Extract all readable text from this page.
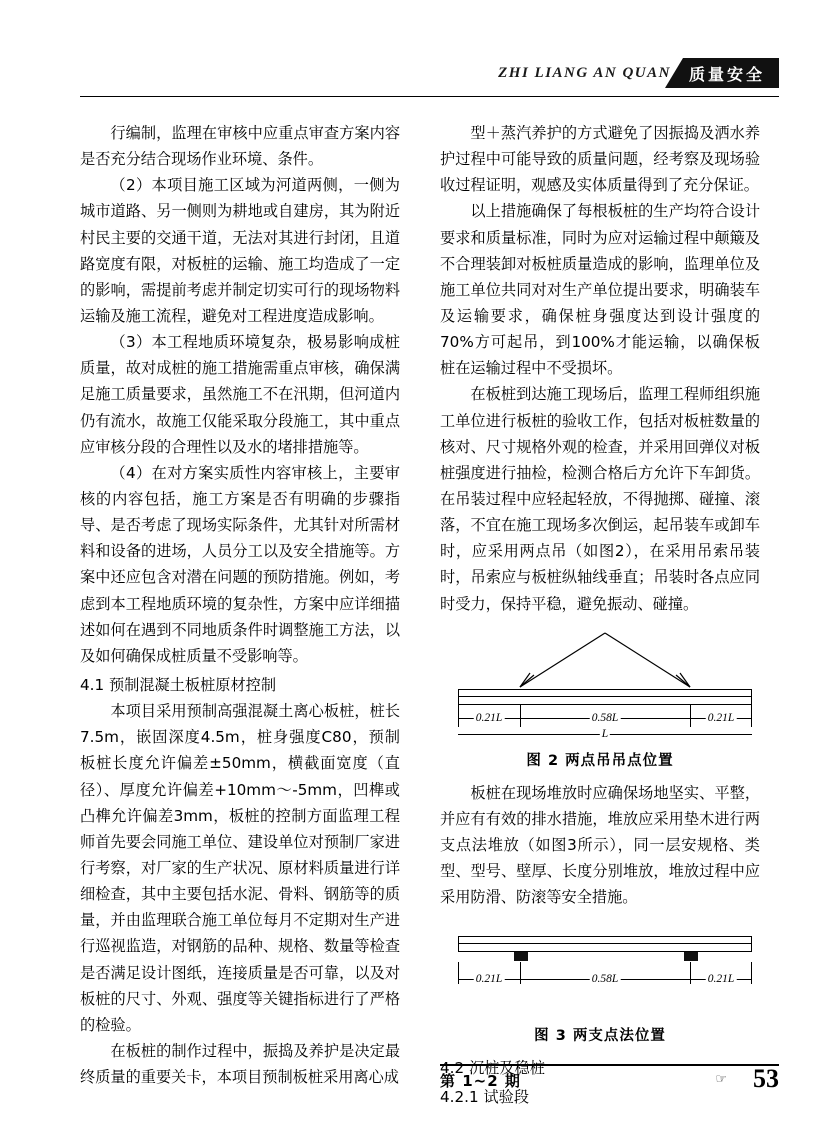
ZHI LIANG AN QUAN	质量安全

行编制，监理在审核中应重点审查方案内容是否充分结合现场作业环境、条件。

（2）本项目施工区域为河道两侧，一侧为城市道路、另一侧则为耕地或自建房，其为附近村民主要的交通干道，无法对其进行封闭，且道路宽度有限，对板桩的运输、施工均造成了一定的影响，需提前考虑并制定切实可行的现场物料运输及施工流程，避免对工程进度造成影响。

（3）本工程地质环境复杂，极易影响成桩质量，故对成桩的施工措施需重点审核，确保满足施工质量要求，虽然施工不在汛期，但河道内仍有流水，故施工仅能采取分段施工，其中重点应审核分段的合理性以及水的堵排措施等。

（4）在对方案实质性内容审核上，主要审核的内容包括，施工方案是否有明确的步骤指导、是否考虑了现场实际条件，尤其针对所需材料和设备的进场，人员分工以及安全措施等。方案中还应包含对潜在问题的预防措施。例如，考虑到本工程地质环境的复杂性，方案中应详细描述如何在遇到不同地质条件时调整施工方法，以及如何确保成桩质量不受影响等。

4.1 预制混凝土板桩原材控制

本项目采用预制高强混凝土离心板桩，桩长7.5m，嵌固深度4.5m，桩身强度C80，预制板桩长度允许偏差±50mm，横截面宽度（直径）、厚度允许偏差+10mm～-5mm，凹榫或凸榫允许偏差3mm，板桩的控制方面监理工程师首先要会同施工单位、建设单位对预制厂家进行考察，对厂家的生产状况、原材料质量进行详细检查，其中主要包括水泥、骨料、钢筋等的质量，并由监理联合施工单位每月不定期对生产进行巡视监造，对钢筋的品种、规格、数量等检查是否满足设计图纸，连接质量是否可靠，以及对板桩的尺寸、外观、强度等关键指标进行了严格的检验。

在板桩的制作过程中，振捣及养护是决定最终质量的重要关卡，本项目预制板桩采用离心成

型＋蒸汽养护的方式避免了因振捣及洒水养护过程中可能导致的质量问题，经考察及现场验收过程证明，观感及实体质量得到了充分保证。

以上措施确保了每根板桩的生产均符合设计要求和质量标准，同时为应对运输过程中颠簸及不合理装卸对板桩质量造成的影响，监理单位及施工单位共同对对生产单位提出要求，明确装车及运输要求，确保桩身强度达到设计强度的70%方可起吊，到100%才能运输，以确保板桩在运输过程中不受损坏。

在板桩到达施工现场后，监理工程师组织施工单位进行板桩的验收工作，包括对板桩数量的核对、尺寸规格外观的检查，并采用回弹仪对板桩强度进行抽检，检测合格后方允许下车卸货。在吊装过程中应轻起轻放，不得抛掷、碰撞、滚落，不宜在施工现场多次倒运，起吊装车或卸车时，应采用两点吊（如图2），在采用吊索吊装时，吊索应与板桩纵轴线垂直；吊装时各点应同时受力，保持平稳，避免振动、碰撞。

0.21L	0.58L	0.21L
L
图 2 两点吊吊点位置

板桩在现场堆放时应确保场地坚实、平整，并应有有效的排水措施，堆放应采用垫木进行两支点法堆放（如图3所示），同一层安规格、类型、型号、壁厚、长度分别堆放，堆放过程中应采用防滑、防滚等安全措施。

0.21L	0.58L	0.21L
图 3 两支点法位置

4.2 沉桩及稳桩

4.2.1 试验段

第 1~2 期	☞ 53
